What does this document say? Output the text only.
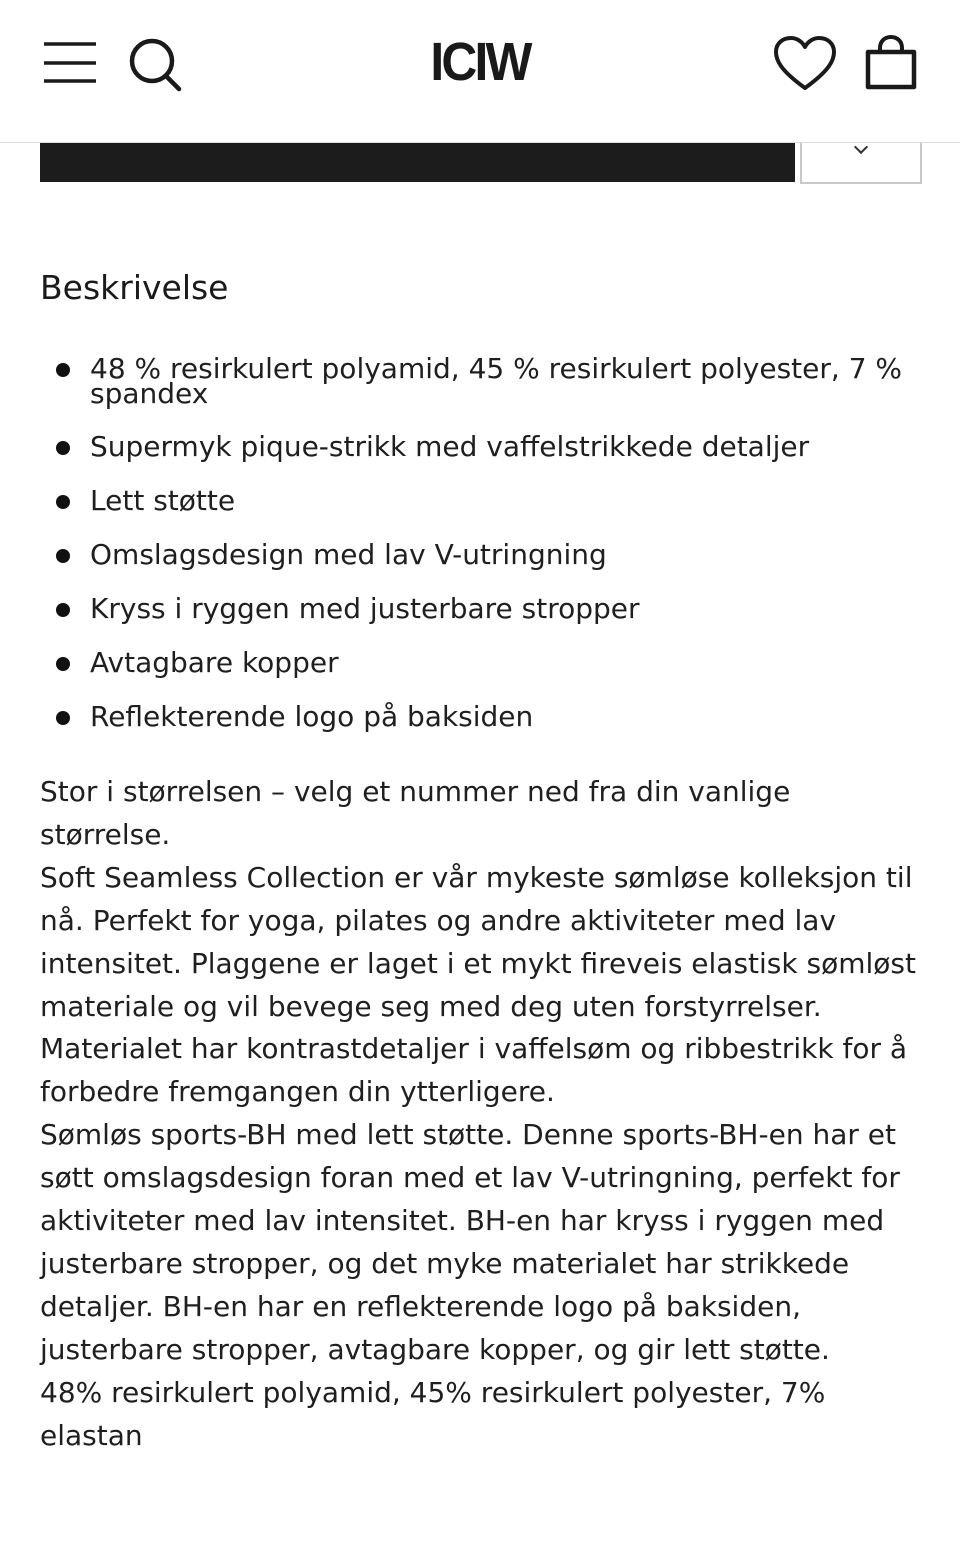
ICIW
Beskrivelse
48 % resirkulert polyamid, 45 % resirkulert polyester, 7 % spandex
Supermyk pique-strikk med vaffelstrikkede detaljer
Lett støtte
Omslagsdesign med lav V-utringning
Kryss i ryggen med justerbare stropper
Avtagbare kopper
Reflekterende logo på baksiden

Stor i størrelsen – velg et nummer ned fra din vanlige størrelse.

Soft Seamless Collection er vår mykeste sømløse kolleksjon til nå. Perfekt for yoga, pilates og andre aktiviteter med lav intensitet. Plaggene er laget i et mykt fireveis elastisk sømløst materiale og vil bevege seg med deg uten forstyrrelser. Materialet har kontrastdetaljer i vaffelsøm og ribbestrikk for å forbedre fremgangen din ytterligere.

Sømløs sports-BH med lett støtte. Denne sports-BH-en har et søtt omslagsdesign foran med et lav V-utringning, perfekt for aktiviteter med lav intensitet. BH-en har kryss i ryggen med justerbare stropper, og det myke materialet har strikkede detaljer. BH-en har en reflekterende logo på baksiden, justerbare stropper, avtagbare kopper, og gir lett støtte.

48% resirkulert polyamid, 45% resirkulert polyester, 7% elastan
